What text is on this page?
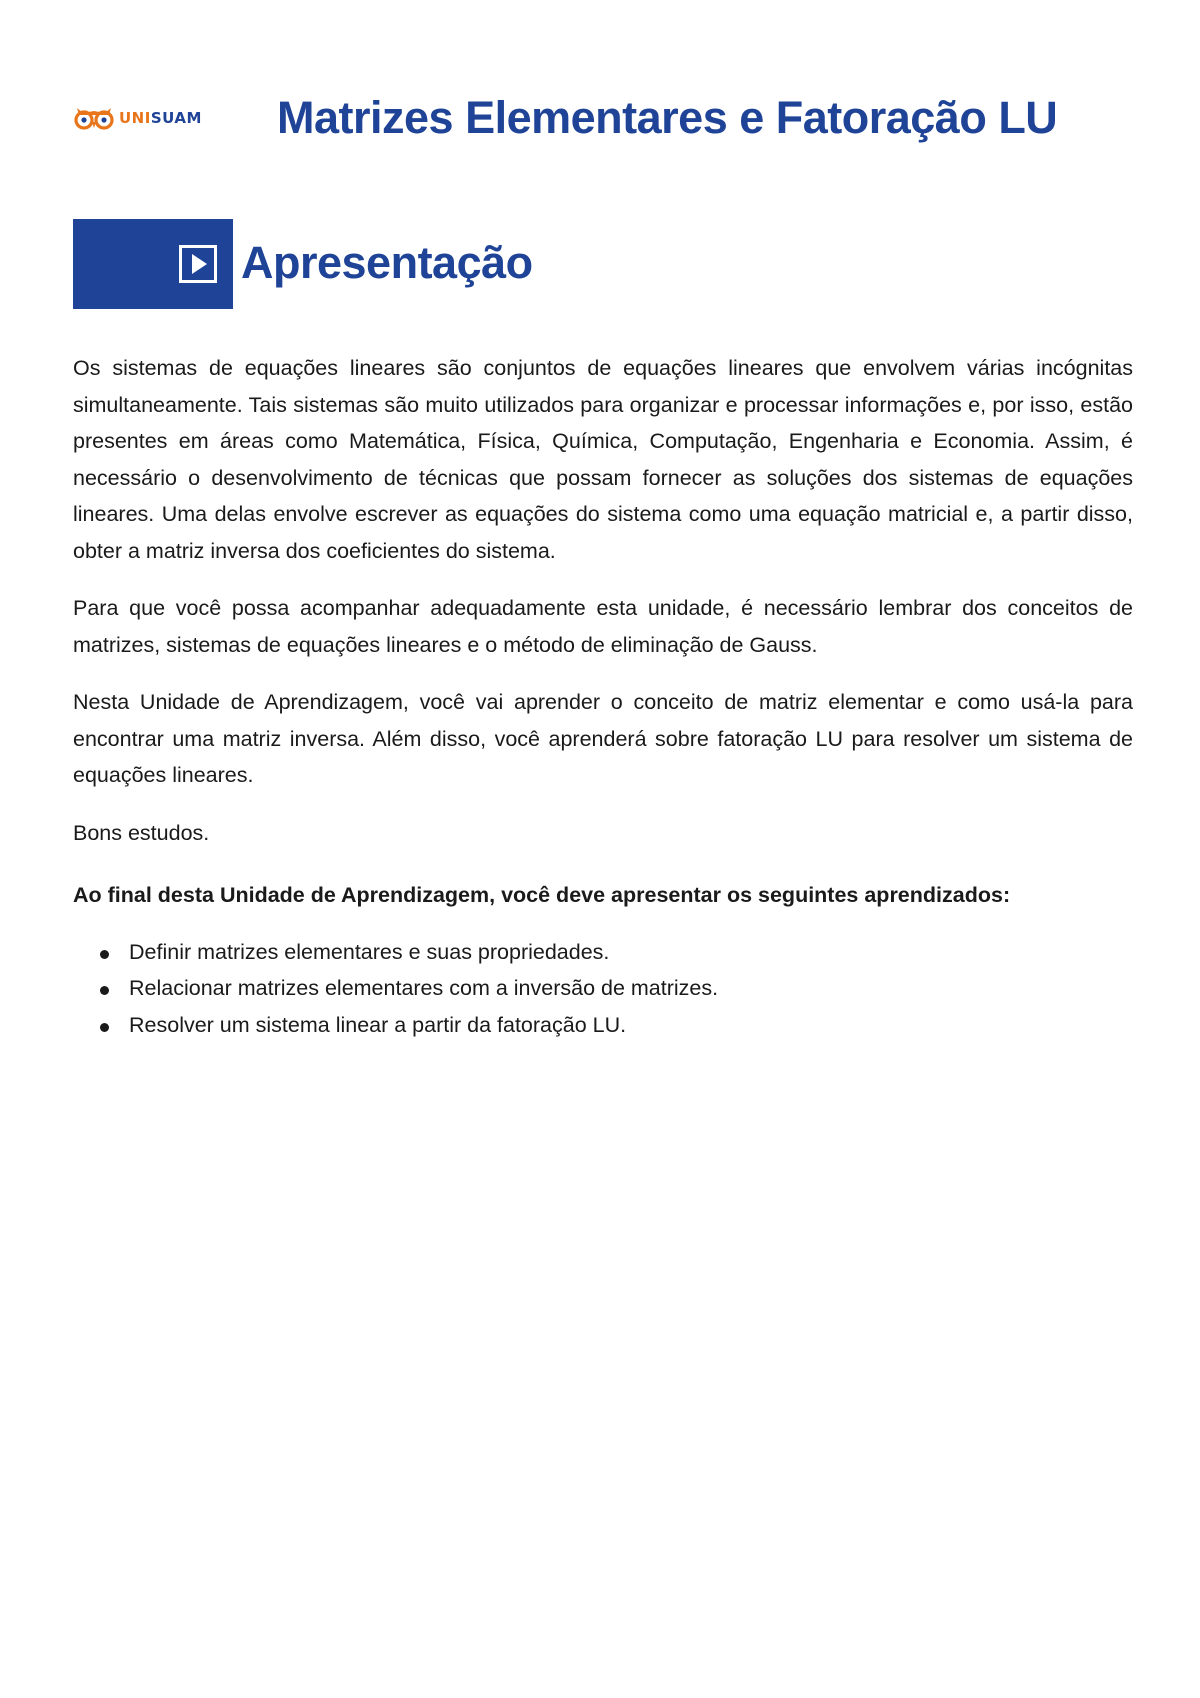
UNISUAM Matrizes Elementares e Fatoração LU
Apresentação

Os sistemas de equações lineares são conjuntos de equações lineares que envolvem várias incógnitas simultaneamente. Tais sistemas são muito utilizados para organizar e processar informações e, por isso, estão presentes em áreas como Matemática, Física, Química, Computação, Engenharia e Economia. Assim, é necessário o desenvolvimento de técnicas que possam fornecer as soluções dos sistemas de equações lineares. Uma delas envolve escrever as equações do sistema como uma equação matricial e, a partir disso, obter a matriz inversa dos coeficientes do sistema.

Para que você possa acompanhar adequadamente esta unidade, é necessário lembrar dos conceitos de matrizes, sistemas de equações lineares e o método de eliminação de Gauss.

Nesta Unidade de Aprendizagem, você vai aprender o conceito de matriz elementar e como usá-la para encontrar uma matriz inversa. Além disso, você aprenderá sobre fatoração LU para resolver um sistema de equações lineares.

Bons estudos.

Ao final desta Unidade de Aprendizagem, você deve apresentar os seguintes aprendizados:

Definir matrizes elementares e suas propriedades.
Relacionar matrizes elementares com a inversão de matrizes.
Resolver um sistema linear a partir da fatoração LU.
